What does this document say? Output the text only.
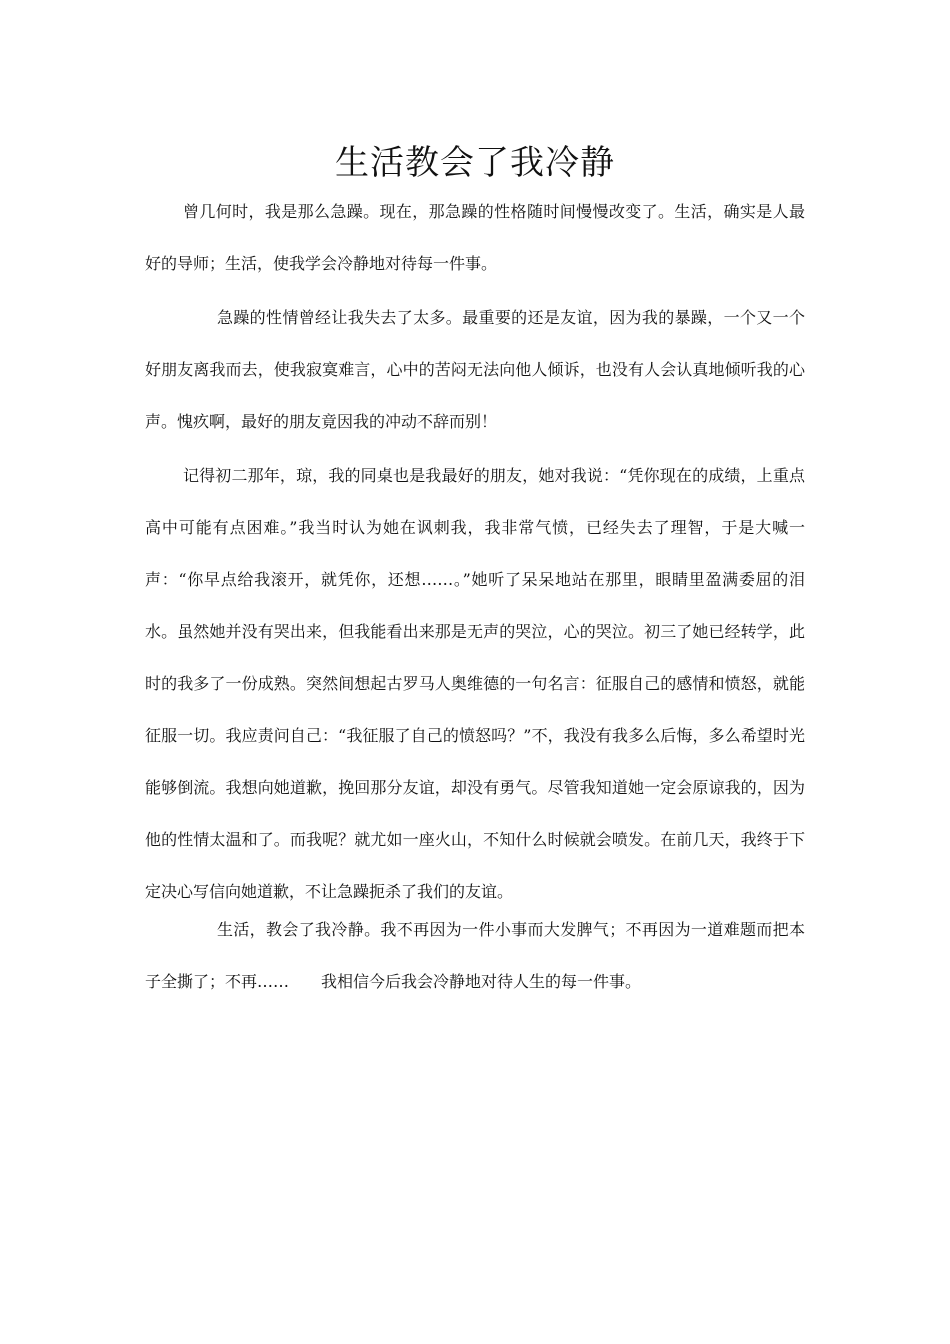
生活教会了我冷静

曾几何时，我是那么急躁。现在，那急躁的性格随时间慢慢改变了。生活，确实是人最好的导师；生活，使我学会冷静地对待每一件事。

急躁的性情曾经让我失去了太多。最重要的还是友谊，因为我的暴躁，一个又一个好朋友离我而去，使我寂寞难言，心中的苦闷无法向他人倾诉，也没有人会认真地倾听我的心声。愧疚啊，最好的朋友竟因我的冲动不辞而别！

记得初二那年，琼，我的同桌也是我最好的朋友，她对我说：“凭你现在的成绩，上重点高中可能有点困难。”我当时认为她在讽刺我，我非常气愤，已经失去了理智，于是大喊一声：“你早点给我滚开，就凭你，还想……。”她听了呆呆地站在那里，眼睛里盈满委屈的泪水。虽然她并没有哭出来，但我能看出来那是无声的哭泣，心的哭泣。初三了她已经转学，此时的我多了一份成熟。突然间想起古罗马人奥维德的一句名言：征服自己的感情和愤怒，就能征服一切。我应责问自己：“我征服了自己的愤怒吗？”不，我没有我多么后悔，多么希望时光能够倒流。我想向她道歉，挽回那分友谊，却没有勇气。尽管我知道她一定会原谅我的，因为他的性情太温和了。而我呢？就尤如一座火山，不知什么时候就会喷发。在前几天，我终于下定决心写信向她道歉，不让急躁扼杀了我们的友谊。

生活，教会了我冷静。我不再因为一件小事而大发脾气；不再因为一道难题而把本子全撕了；不再…… 我相信今后我会冷静地对待人生的每一件事。
